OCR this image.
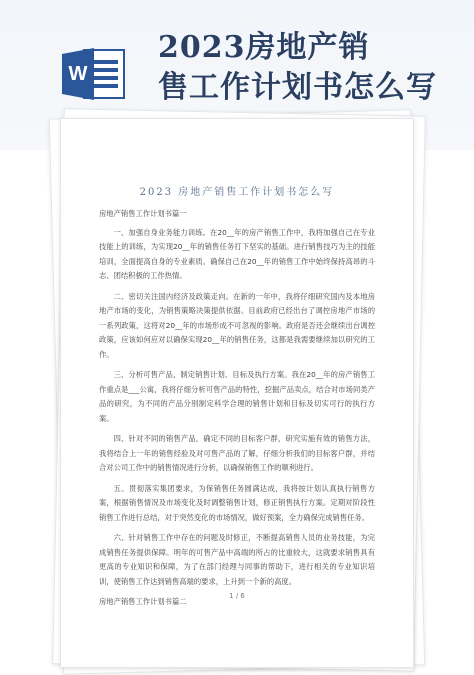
W
2023房地产销
售工作计划书怎么写
2023 房地产销售工作计划书怎么写

房地产销售工作计划书篇一

一、加强自身业务能力训练。在20__年的房产销售工作中，我将加强自己在专业技能上的训练，为实现20__年的销售任务打下坚实的基础。进行销售技巧为主的技能培训，全面提高自身的专业素质。确保自己在20__年的销售工作中始终保持高昂的斗志、团结积极的工作热情。

二、密切关注国内经济及政策走向。在新的一年中，我将仔细研究国内及本地房地产市场的变化，为销售策略决策提供依据。目前政府已经出台了调控房地产市场的一系列政策，这将对20__年的市场形成不可忽视的影响。政府是否还会继续出台调控政策，应该如何应对以确保实现20__年的销售任务，这都是我需要继续加以研究的工作。

三、分析可售产品，制定销售计划、目标及执行方案。我在20__年的房产销售工作重点是___公寓，我将仔细分析可售产品的特性，挖掘产品卖点，结合对市场同类产品的研究，为不同的产品分别制定科学合理的销售计划和目标及切实可行的执行方案。

四、针对不同的销售产品，确定不同的目标客户群，研究实施有效的销售方法，我将结合上一年的销售经验及对可售产品的了解，仔细分析我们的目标客户群，并结合对公司工作中的销售情况进行分析，以确保销售工作的顺利进行。

五、贯彻落实集团要求，为保销售任务圆满达成，我将按计划认真执行销售方案，根据销售情况及市场变化及时调整销售计划，修正销售执行方案。定期对阶段性销售工作进行总结，对于突然变化的市场情况，做好预案，全力确保完成销售任务。

六、针对销售工作中存在的问题及时修正，不断提高销售人员的业务技能，为完成销售任务提供保障。明年的可售产品中高端的所占的比重较大，这就要求销售具有更高的专业知识和保障，为了在部门经理与同事的帮助下，进行相关的专业知识培训，使销售工作达到销售高端的要求，上升到一个新的高度。

房地产销售工作计划书篇二

1 / 6
